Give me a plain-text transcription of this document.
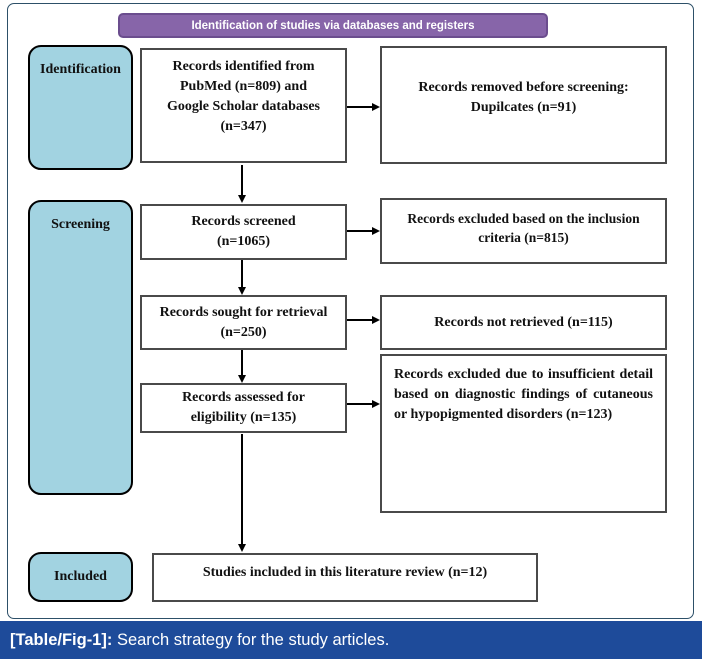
Identification of studies via databases and registers
Identification
Screening
Included
Records identified from
PubMed (n=809) and
Google Scholar databases
(n=347)
Records screened
(n=1065)
Records sought for retrieval
(n=250)
Records assessed for
eligibility (n=135)
Records removed before screening:
Dupilcates (n=91)
Records excluded based on the inclusion
criteria (n=815)
Records not retrieved (n=115)
Records excluded due to insufficient detail based on diagnostic findings of cutaneous or hypopigmented disorders (n=123)
Studies included in this literature review (n=12)
[Table/Fig-1]: Search strategy for the study articles.
